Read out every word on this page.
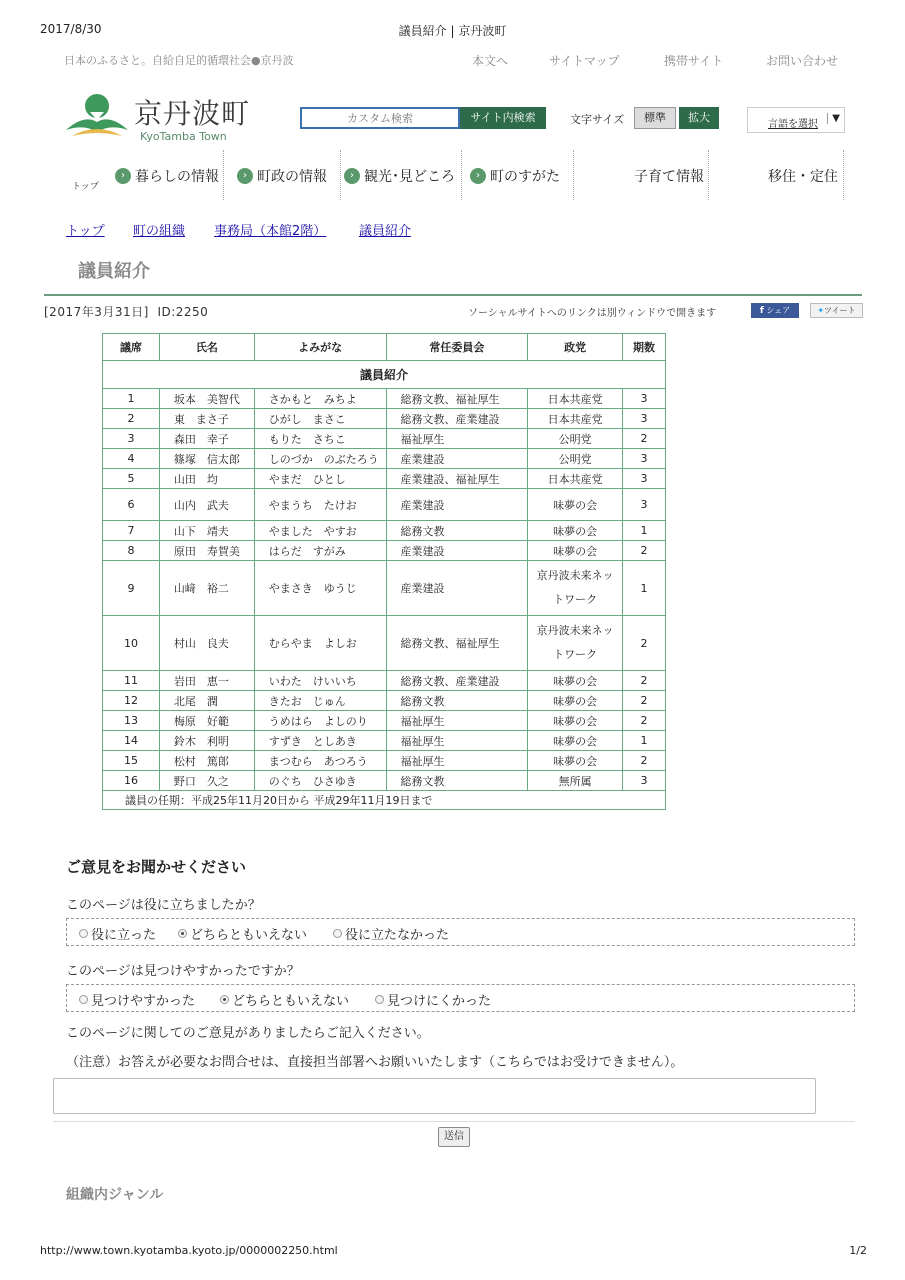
2017/8/30	議員紹介 | 京丹波町
日本のふるさと。自給自足的循環社会●京丹波	本文へ	サイトマップ	携帯サイト	お問い合わせ
京丹波町
KyoTamba Town
カスタム検索
サイト内検索	文字サイズ	標準	拡大
言語を選択
▼
トップ
› 暮らしの情報	› 町政の情報	› 観光･見どころ	› 町のすがた	子育て情報	移住・定住
トップ 町の組織 事務局（本館2階）	議員紹介
議員紹介
[2017年3月31日] ID:2250	ソーシャルサイトへのリンクは別ウィンドウで開きます	f シェア	✦ツイート
議員紹介					
議席	氏名	よみがな	常任委員会	政党	期数
1	坂本　美智代	さかもと　みちよ	総務文教、福祉厚生	日本共産党	3
2	東　まさ子	ひがし　まさこ	総務文教、産業建設	日本共産党	3
3	森田　幸子	もりた　さちこ	福祉厚生	公明党	2
4	篠塚　信太郎	しのづか　のぶたろう	産業建設	公明党	3
5	山田　均	やまだ　ひとし	産業建設、福祉厚生	日本共産党	3
6	山内　武夫	やまうち　たけお	産業建設	味夢の会	3
7	山下　靖夫	やました　やすお	総務文教	味夢の会	1
8	原田　寿賀美	はらだ　すがみ	産業建設	味夢の会	2
9	山﨑　裕二	やまさき　ゆうじ	産業建設	京丹波未来ネットワーク	1
10	村山　良夫	むらやま　よしお	総務文教、福祉厚生	京丹波未来ネットワーク	2
11	岩田　恵一	いわた　けいいち	総務文教、産業建設	味夢の会	2
12	北尾　潤	きたお　じゅん	総務文教	味夢の会	2
13	梅原　好範	うめはら　よしのり	福祉厚生	味夢の会	2
14	鈴木　利明	すずき　としあき	福祉厚生	味夢の会	1
15	松村　篤郎	まつむら　あつろう	福祉厚生	味夢の会	2
16	野口　久之	のぐち　ひさゆき	総務文教	無所属	3
議員の任期：平成25年11月20日から 平成29年11月19日まで					
ご意見をお聞かせください
このページは役に立ちましたか？
役に立った	どちらともいえない	役に立たなかった
このページは見つけやすかったですか？
見つけやすかった	どちらともいえない	見つけにくかった
このページに関してのご意見がありましたらご記入ください。
（注意）お答えが必要なお問合せは、直接担当部署へお願いいたします（こちらではお受けできません）。
送信
組織内ジャンル
http://www.town.kyotamba.kyoto.jp/0000002250.html	1/2
